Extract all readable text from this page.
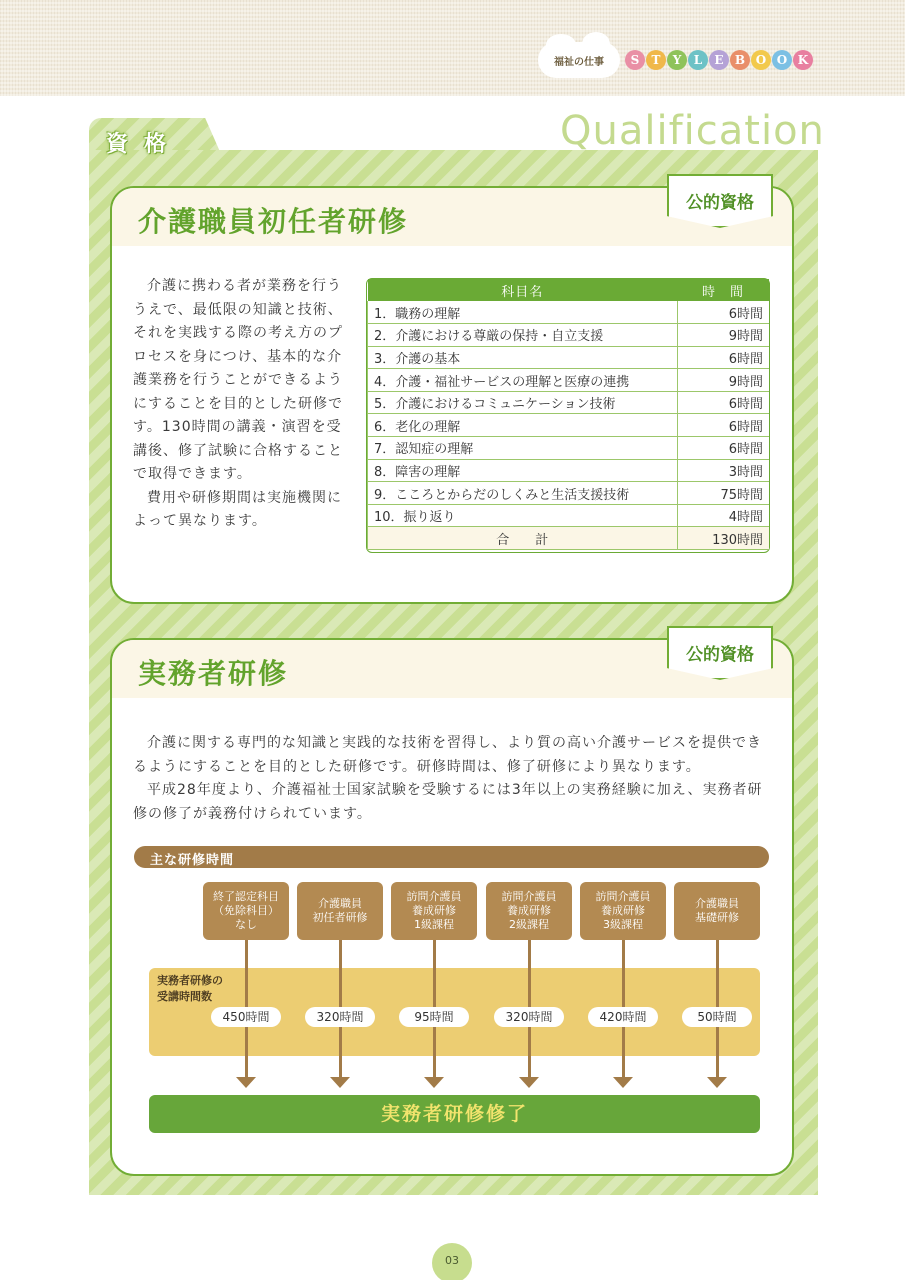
福祉の仕事	S	T	Y	L	E B O O K
資格	Qualification
介護職員初任者研修
公的資格

介護に携わる者が業務を行ううえで、最低限の知識と技術、それを実践する際の考え方のプロセスを身につけ、基本的な介護業務を行うことができるようにすることを目的とした研修です。130時間の講義・演習を受講後、修了試験に合格することで取得できます。

費用や研修期間は実施機関によって異なります。

科目名	時　間
1．職務の理解	6時間
2．介護における尊厳の保持・自立支援	9時間
3．介護の基本	6時間
4．介護・福祉サービスの理解と医療の連携	9時間
5．介護におけるコミュニケーション技術	6時間
6．老化の理解	6時間
7．認知症の理解	6時間
8．障害の理解	3時間
9．こころとからだのしくみと生活支援技術	75時間
10．振り返り	4時間
合　　計	130時間
実務者研修
公的資格

介護に関する専門的な知識と実践的な技術を習得し、より質の高い介護サービスを提供できるようにすることを目的とした研修です。研修時間は、修了研修により異なります。

平成28年度より、介護福祉士国家試験を受験するには3年以上の実務経験に加え、実務者研修の修了が義務付けられています。

主な研修時間
実務者研修の
受講時間数
終了認定科目
（免除科目）
なし
450時間
介護職員
初任者研修
320時間
訪問介護員
養成研修
1級課程
95時間
訪問介護員
養成研修
2級課程
320時間
訪問介護員
養成研修
3級課程
420時間
介護職員
基礎研修
50時間
実務者研修修了
03
